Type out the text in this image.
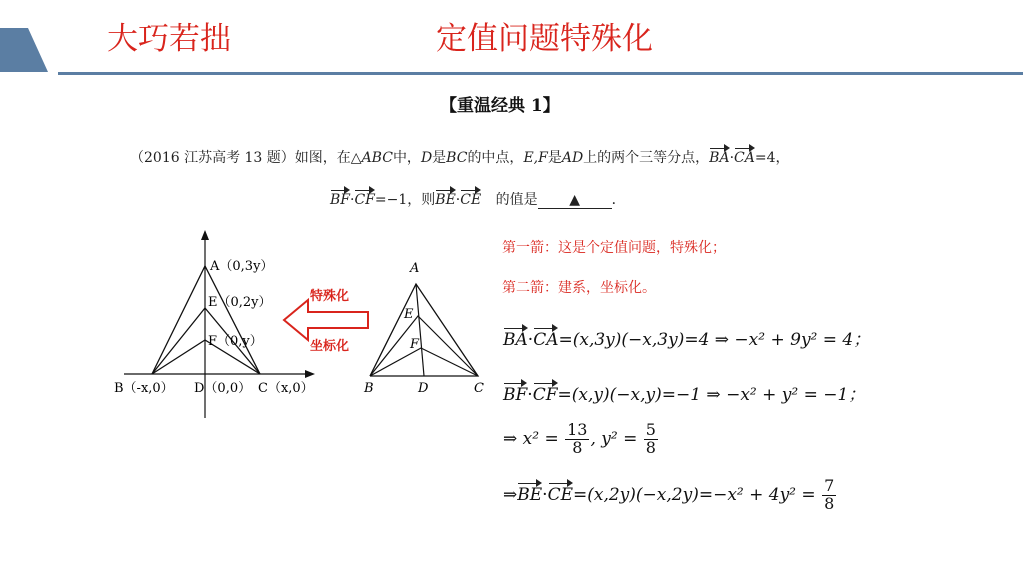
大巧若拙	定值问题特殊化
【重温经典 1】
（2016 江苏高考 13 题）如图，在△ABC中，D是BC的中点，E,F是AD上的两个三等分点，BA·CA=4，
BF·CF=−1，则BE·CE 的值是 ▲ ．
A（0,3y）
E（0,2y）
F（0,y）
B（-x,0） D（0,0） C（x,0）
特殊化
坐标化
A
E
F
B	D	C
第一箭：这是个定值问题，特殊化；
第二箭：建系，坐标化。
BA·CA=(x,3y)(−x,3y)=4 ⇒ −x² + 9y² = 4；
BF·CF=(x,y)(−x,y)=−1 ⇒ −x² + y² = −1；
⇒ $x^2 = \frac{13}{8}$ , $y^2 = \frac{5}{8}$
⇒BE·CE=(x,2y)(−x,2y)=−x² + $4y^2 = \frac{7}{8}$
